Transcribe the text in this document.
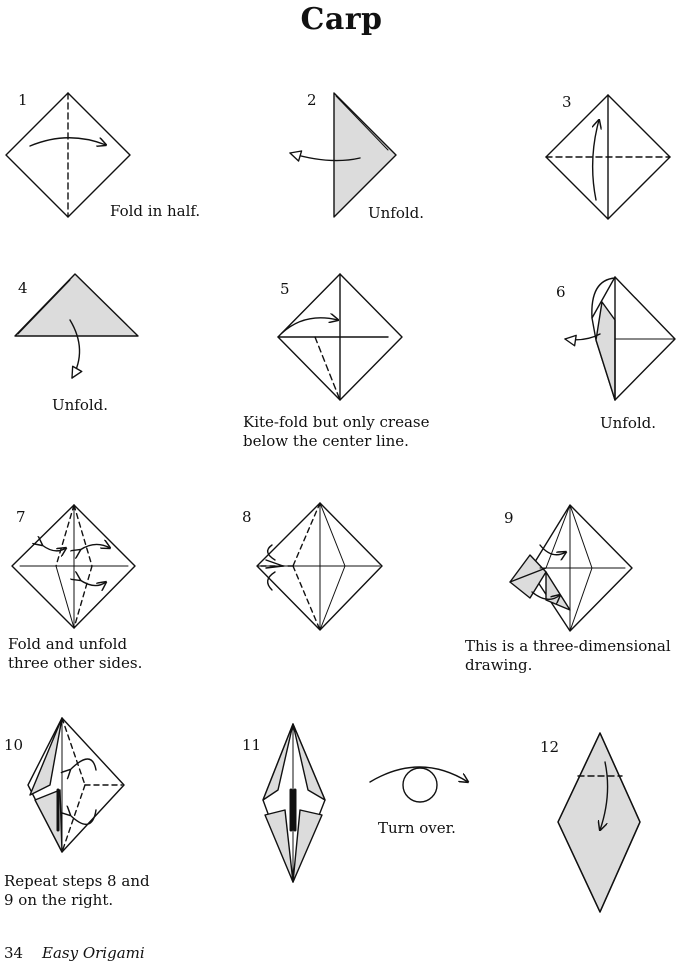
Carp
1	2	3
4	5	6
7	8	9
10	11	12
Fold in half.	Unfold.
Unfold.
Kite-fold but only crease
below the center line.
Unfold.
Fold and unfold
three other sides.
This is a three-dimensional
drawing.
Repeat steps 8 and
9 on the right.
Turn over.
34 Easy Origami
